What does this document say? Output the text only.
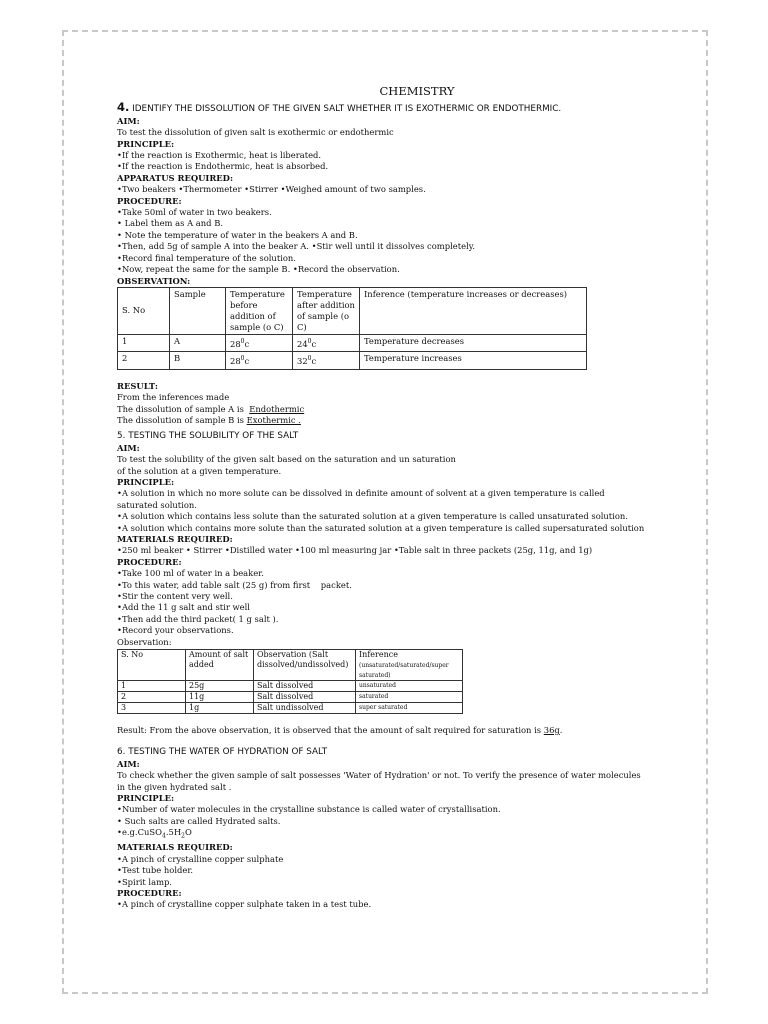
CHEMISTRY

4. IDENTIFY THE DISSOLUTION OF THE GIVEN SALT WHETHER IT IS EXOTHERMIC OR ENDOTHERMIC.

AIM:

To test the dissolution of given salt is exothermic or endothermic

PRINCIPLE:

•If the reaction is Exothermic, heat is liberated.

•If the reaction is Endothermic, heat is absorbed.

APPARATUS REQUIRED:

•Two beakers •Thermometer •Stirrer •Weighed amount of two samples.

PROCEDURE:

•Take 50ml of water in two beakers.

• Label them as A and B.

• Note the temperature of water in the beakers A and B.

•Then, add 5g of sample A into the beaker A. •Stir well until it dissolves completely.

•Record final temperature of the solution.

•Now, repeat the same for the sample B. •Record the observation.

OBSERVATION:

S. No	Sample	Temperature before addition of sample (o C)	Temperature after addition of sample (o C)	Inference (temperature increases or decreases)
1	A	$28^0c$	$24^0c$	Temperature decreases
2	B	$28^0c$	$32^0c$	Temperature increases

RESULT:

From the inferences made

The dissolution of sample A is Endothermic

The dissolution of sample B is Exothermic .

5. TESTING THE SOLUBILITY OF THE SALT

AIM:

To test the solubility of the given salt based on the saturation and un saturation

of the solution at a given temperature.

PRINCIPLE:

•A solution in which no more solute can be dissolved in definite amount of solvent at a given temperature is called

saturated solution.

•A solution which contains less solute than the saturated solution at a given temperature is called unsaturated solution.

•A solution which contains more solute than the saturated solution at a given temperature is called supersaturated solution

MATERIALS REQUIRED:

•250 ml beaker • Stirrer •Distilled water •100 ml measuring jar •Table salt in three packets (25g, 11g, and 1g)

PROCEDURE:

•Take 100 ml of water in a beaker.

•To this water, add table salt (25 g) from first    packet.

•Stir the content very well.

•Add the 11 g salt and stir well

•Then add the third packet( 1 g salt ).

•Record your observations.

Observation:

S. No	Amount of salt added	Observation (Salt dissolved/undissolved)	Inference
(unsaturated/saturated/super saturated)
1	25g	Salt dissolved	unsaturated
2	11g	Salt dissolved	saturated
3	1g	Salt undissolved	super saturated

Result: From the above observation, it is observed that the amount of salt required for saturation is 36g.

6. TESTING THE WATER OF HYDRATION OF SALT

AIM:

To check whether the given sample of salt possesses 'Water of Hydration' or not. To verify the presence of water molecules

in the given hydrated salt .

PRINCIPLE:

•Number of water molecules in the crystalline substance is called water of crystallisation.

• Such salts are called Hydrated salts.

$•e.g.CuSO_4.5H_2O$

MATERIALS REQUIRED:

•A pinch of crystalline copper sulphate

•Test tube holder.

•Spirit lamp.

PROCEDURE:

•A pinch of crystalline copper sulphate taken in a test tube.
